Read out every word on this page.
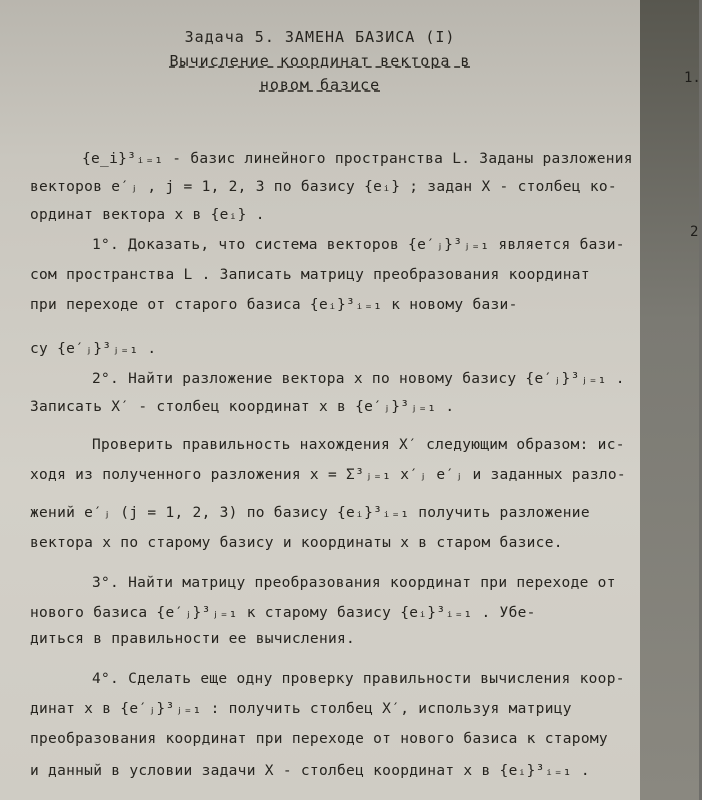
Задача 5. ЗАМЕНА БАЗИСА (I)
Вычисление координат вектора в
новом базисе
{e_i}³ᵢ₌₁ - базис линейного пространства L. Заданы разложения
векторов e′ⱼ , j = 1, 2, 3 по базису {eᵢ} ; задан X - столбец ко-
ординат вектора x в {eᵢ} .
1°. Доказать, что система векторов {e′ⱼ}³ⱼ₌₁ является бази-
сом пространства L . Записать матрицу преобразования координат
при переходе от старого базиса {eᵢ}³ᵢ₌₁ к новому бази-
су {e′ⱼ}³ⱼ₌₁ .
2°. Найти разложение вектора x по новому базису {e′ⱼ}³ⱼ₌₁ .
Записать X′ - столбец координат x в {e′ⱼ}³ⱼ₌₁ .
Проверить правильность нахождения X′ следующим образом: ис-
ходя из полученного разложения x = Σ³ⱼ₌₁ x′ⱼ e′ⱼ и заданных разло-
жений e′ⱼ (j = 1, 2, 3) по базису {eᵢ}³ᵢ₌₁ получить разложение
вектора x по старому базису и координаты x в старом базисе.
3°. Найти матрицу преобразования координат при переходе от
нового базиса {e′ⱼ}³ⱼ₌₁ к старому базису {eᵢ}³ᵢ₌₁ . Убе-
диться в правильности ее вычисления.
4°. Сделать еще одну проверку правильности вычисления коор-
динат x в {e′ⱼ}³ⱼ₌₁ : получить столбец X′, используя матрицу
преобразования координат при переходе от нового базиса к старому
и данный в условии задачи X - столбец координат x в {eᵢ}³ᵢ₌₁ .
1.
2
